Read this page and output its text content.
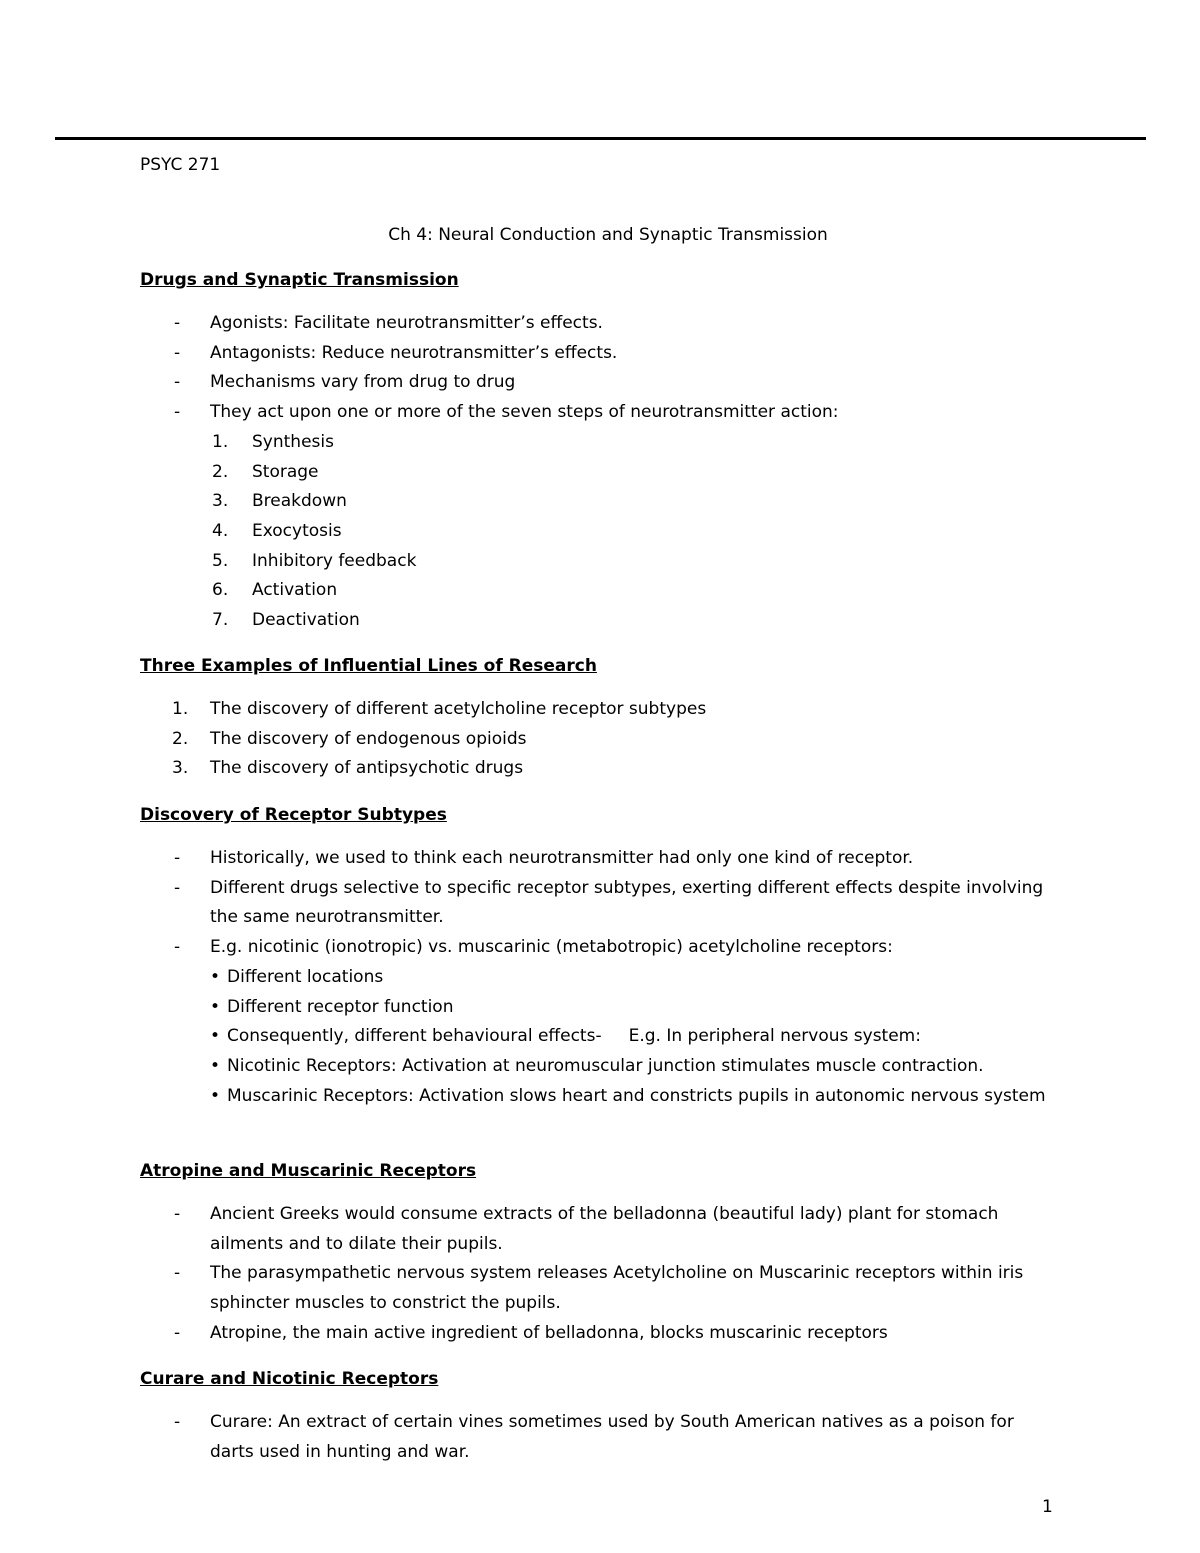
PSYC 271
Ch 4: Neural Conduction and Synaptic Transmission
Drugs and Synaptic Transmission
- Agonists: Facilitate neurotransmitter’s effects.
- Antagonists: Reduce neurotransmitter’s effects.
- Mechanisms vary from drug to drug
- They act upon one or more of the seven steps of neurotransmitter action:
1. Synthesis
2. Storage
3. Breakdown
4. Exocytosis
5. Inhibitory feedback
6. Activation
7. Deactivation
Three Examples of Influential Lines of Research
1. The discovery of different acetylcholine receptor subtypes
2. The discovery of endogenous opioids
3. The discovery of antipsychotic drugs
Discovery of Receptor Subtypes
- Historically, we used to think each neurotransmitter had only one kind of receptor.
- Different drugs selective to specific receptor subtypes, exerting different effects despite involving the same neurotransmitter.
- E.g. nicotinic (ionotropic) vs. muscarinic (metabotropic) acetylcholine receptors:
• Different locations
• Different receptor function
• Consequently, different behavioural effects-     E.g. In peripheral nervous system:
• Nicotinic Receptors: Activation at neuromuscular junction stimulates muscle contraction.
• Muscarinic Receptors: Activation slows heart and constricts pupils in autonomic nervous system
Atropine and Muscarinic Receptors
- Ancient Greeks would consume extracts of the belladonna (beautiful lady) plant for stomach ailments and to dilate their pupils.
- The parasympathetic nervous system releases Acetylcholine on Muscarinic receptors within iris sphincter muscles to constrict the pupils.
- Atropine, the main active ingredient of belladonna, blocks muscarinic receptors
Curare and Nicotinic Receptors
- Curare: An extract of certain vines sometimes used by South American natives as a poison for darts used in hunting and war.
1
